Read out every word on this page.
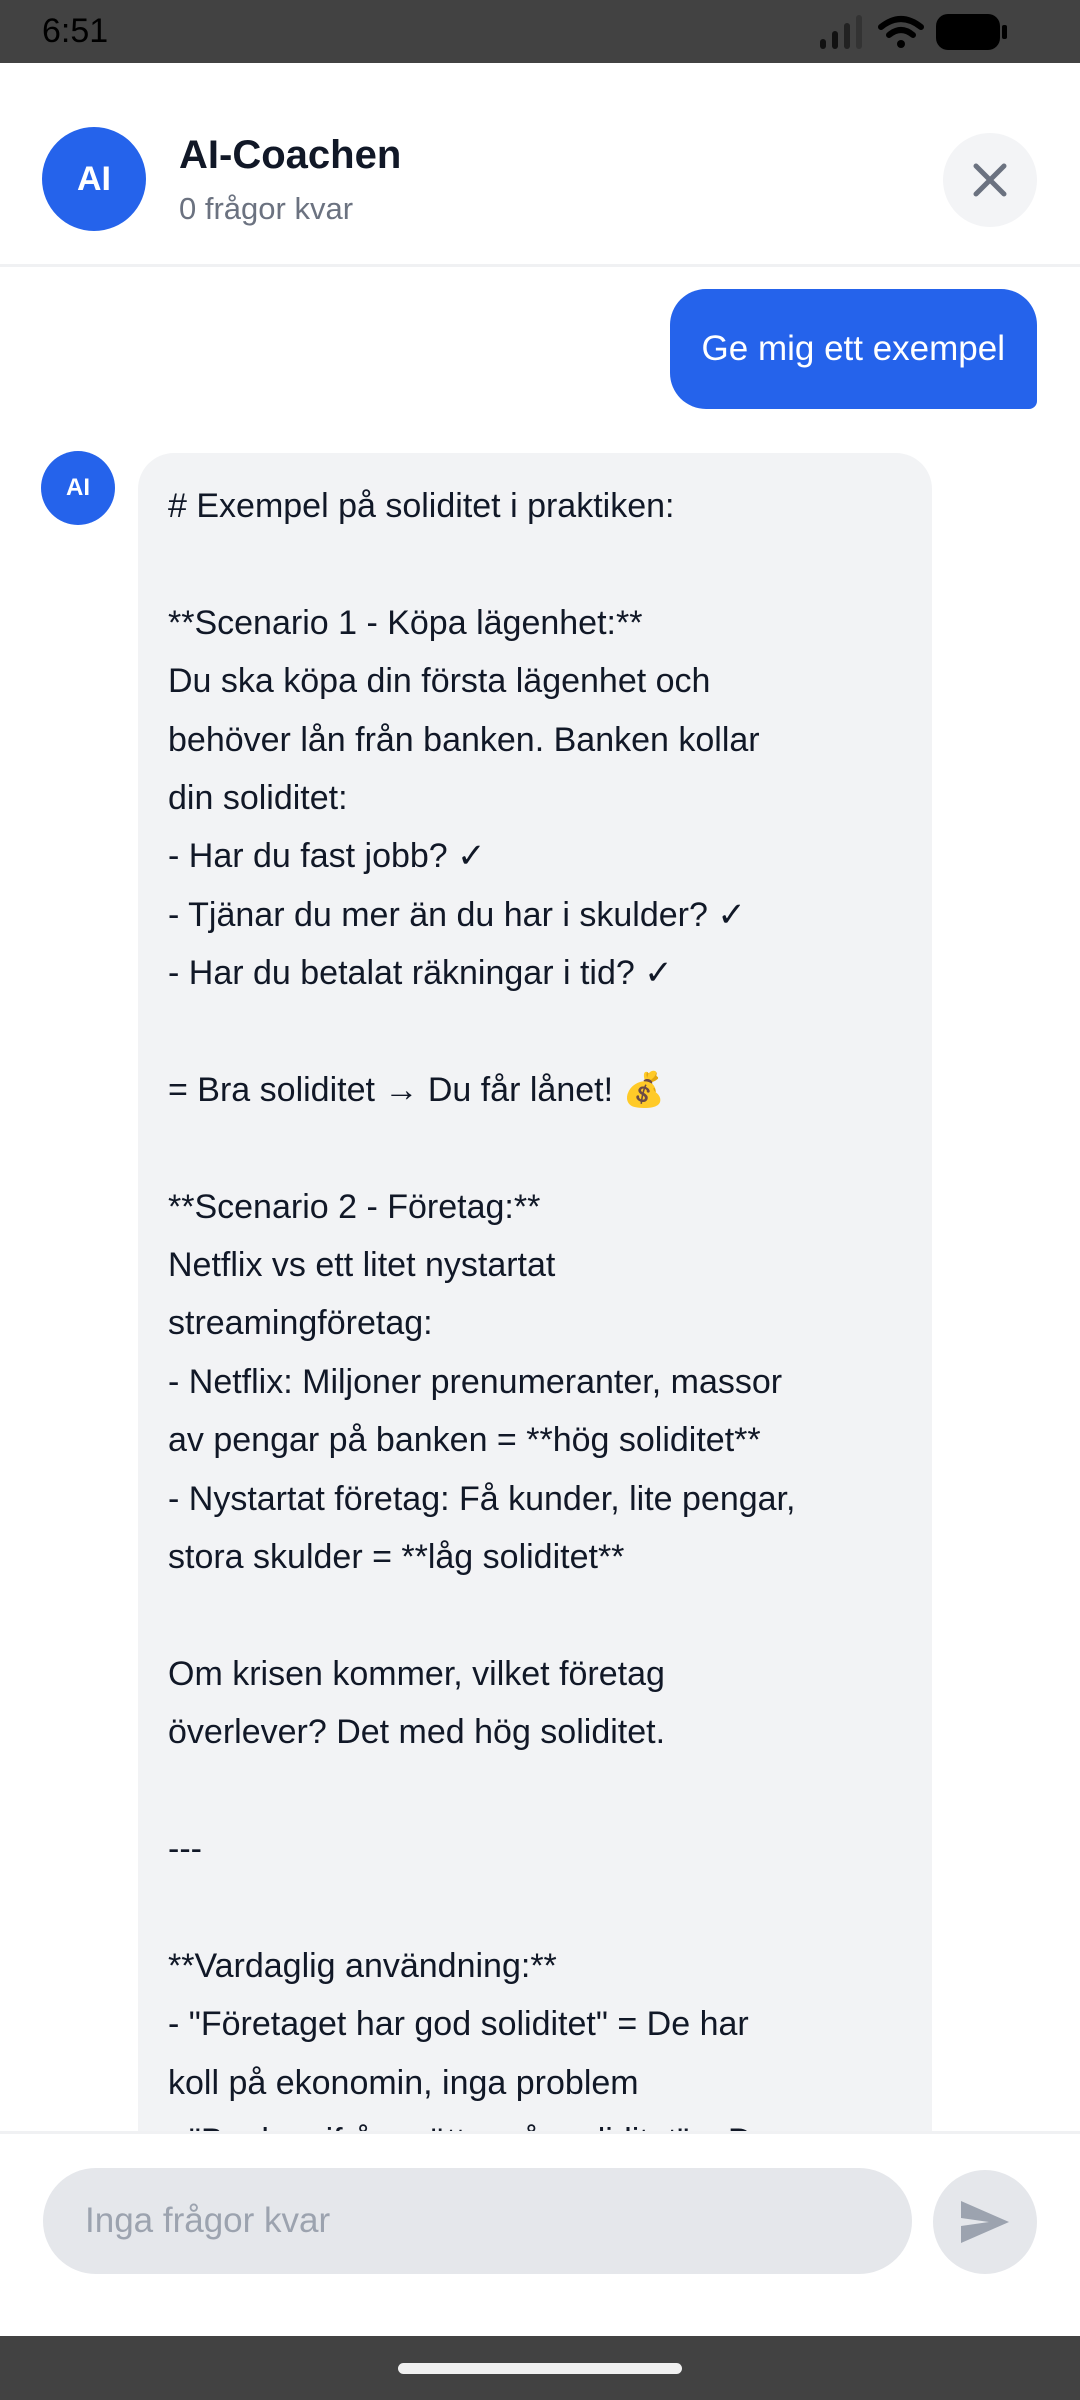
6:51
AI
AI-Coachen
0 frågor kvar
Ge mig ett exempel
AI	# Exempel på soliditet i praktiken:
**Scenario 1 - Köpa lägenhet:**
Du ska köpa din första lägenhet och
behöver lån från banken. Banken kollar
din soliditet:
- Har du fast jobb? ✓
- Tjänar du mer än du har i skulder? ✓
- Har du betalat räkningar i tid? ✓
= Bra soliditet → Du får lånet! 💰
**Scenario 2 - Företag:**
Netflix vs ett litet nystartat
streamingföretag:
- Netflix: Miljoner prenumeranter, massor
av pengar på banken = **hög soliditet**
- Nystartat företag: Få kunder, lite pengar,
stora skulder = **låg soliditet**
Om krisen kommer, vilket företag
överlever? Det med hög soliditet.
---
**Vardaglig användning:**
- "Företaget har god soliditet" = De har
koll på ekonomin, inga problem
Inga frågor kvar
